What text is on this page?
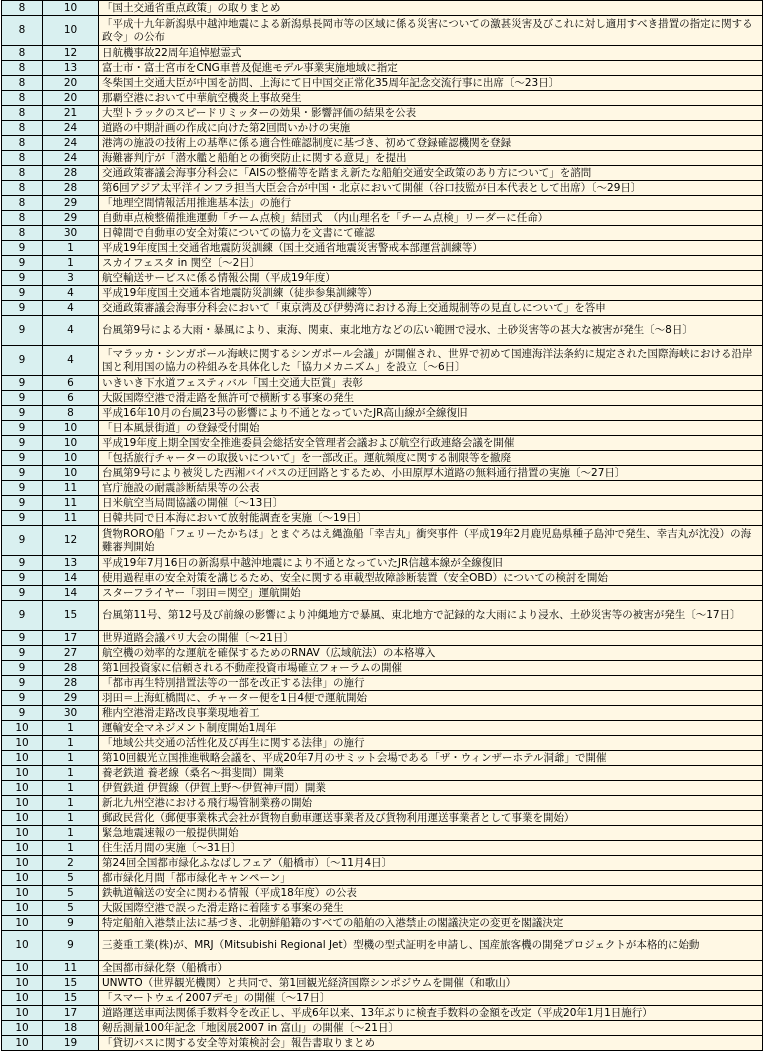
8	10	「国土交通省重点政策」の取りまとめ
8	10	「平成十九年新潟県中越沖地震による新潟県長岡市等の区域に係る災害についての激甚災害及びこれに対し適用すべき措置の指定に関する政令」の公布
8	12	日航機事故22周年追悼慰霊式
8	13	富士市・富士宮市をCNG車普及促進モデル事業実施地域に指定
8	20	冬柴国土交通大臣が中国を訪問、上海にて日中国交正常化35周年記念交流行事に出席〔～23日〕
8	20	那覇空港において中華航空機炎上事故発生
8	21	大型トラックのスピードリミッターの効果・影響評価の結果を公表
8	24	道路の中期計画の作成に向けた第2回問いかけの実施
8	24	港湾の施設の技術上の基準に係る適合性確認制度に基づき、初めて登録確認機関を登録
8	24	海難審判庁が「潜水艦と船舶との衝突防止に関する意見」を提出
8	28	交通政策審議会海事分科会に「AISの整備等を踏まえ新たな船舶交通安全政策のあり方について」を諮問
8	28	第6回アジア太平洋インフラ担当大臣会合が中国・北京において開催（谷口技監が日本代表として出席）〔～29日〕
8	29	「地理空間情報活用推進基本法」の施行
8	29	自動車点検整備推進運動「チーム点検」結団式　（内山理名を「チーム点検」リーダーに任命）
8	30	日韓間で自動車の安全対策についての協力を文書にて確認
9	1	平成19年度国土交通省地震防災訓練（国土交通省地震災害警戒本部運営訓練等）
9	1	スカイフェスタ in 関空〔～2日〕
9	3	航空輸送サービスに係る情報公開（平成19年度）
9	4	平成19年度国土交通本省地震防災訓練（徒歩参集訓練等）
9	4	交通政策審議会海事分科会において「東京湾及び伊勢湾における海上交通規制等の見直しについて」を答申
9	4	台風第9号による大雨・暴風により、東海、関東、東北地方などの広い範囲で浸水、土砂災害等の甚大な被害が発生〔～8日〕
9	4	「マラッカ・シンガポール海峡に関するシンガポール会議」が開催され、世界で初めて国連海洋法条約に規定された国際海峡における沿岸国と利用国の協力の枠組みを具体化した「協力メカニズム」を設立〔～6日〕
9	6	いきいき下水道フェスティバル「国土交通大臣賞」表彰
9	6	大阪国際空港で滑走路を無許可で横断する事案の発生
9	8	平成16年10月の台風23号の影響により不通となっていたJR高山線が全線復旧
9	10	「日本風景街道」の登録受付開始
9	10	平成19年度上期全国安全推進委員会総括安全管理者会議および航空行政連絡会議を開催
9	10	「包括旅行チャーターの取扱いについて」を一部改正。運航頻度に関する制限等を撤廃
9	10	台風第9号により被災した西湘バイパスの迂回路とするため、小田原厚木道路の無料通行措置の実施〔～27日〕
9	11	官庁施設の耐震診断結果等の公表
9	11	日米航空当局間協議の開催〔～13日〕
9	11	日韓共同で日本海において放射能調査を実施〔～19日〕
9	12	貨物RORO船「フェリーたかちほ」とまぐろはえ縄漁船「幸吉丸」衝突事件（平成19年2月鹿児島県種子島沖で発生、幸吉丸が沈没）の海難審判開始
9	13	平成19年7月16日の新潟県中越沖地震により不通となっていたJR信越本線が全線復旧
9	14	使用過程車の安全対策を講じるため、安全に関する車載型故障診断装置（安全OBD）についての検討を開始
9	14	スターフライヤー「羽田＝関空」運航開始
9	15	台風第11号、第12号及び前線の影響により沖縄地方で暴風、東北地方で記録的な大雨により浸水、土砂災害等の被害が発生〔～17日〕
9	17	世界道路会議パリ大会の開催〔～21日〕
9	27	航空機の効率的な運航を確保するためのRNAV（広域航法）の本格導入
9	28	第1回投資家に信頼される不動産投資市場確立フォーラムの開催
9	28	「都市再生特別措置法等の一部を改正する法律」の施行
9	29	羽田＝上海虹橋間に、チャーター便を1日4便で運航開始
9	30	稚内空港滑走路改良事業現地着工
10	1	運輸安全マネジメント制度開始1周年
10	1	「地域公共交通の活性化及び再生に関する法律」の施行
10	1	第10回観光立国推進戦略会議を、平成20年7月のサミット会場である「ザ・ウィンザーホテル洞爺」で開催
10	1	養老鉄道 養老線（桑名～揖斐間）開業
10	1	伊賀鉄道 伊賀線（伊賀上野～伊賀神戸間）開業
10	1	新北九州空港における飛行場管制業務の開始
10	1	郵政民営化（郵便事業株式会社が貨物自動車運送事業者及び貨物利用運送事業者として事業を開始）
10	1	緊急地震速報の一般提供開始
10	1	住生活月間の実施〔～31日〕
10	2	第24回全国都市緑化ふなばしフェア（船橋市）〔～11月4日〕
10	5	都市緑化月間「都市緑化キャンペーン」
10	5	鉄軌道輸送の安全に関わる情報（平成18年度）の公表
10	5	大阪国際空港で誤った滑走路に着陸する事案の発生
10	9	特定船舶入港禁止法に基づき、北朝鮮船籍のすべての船舶の入港禁止の閣議決定の変更を閣議決定
10	9	三菱重工業(株)が、MRJ（Mitsubishi Regional Jet）型機の型式証明を申請し、国産旅客機の開発プロジェクトが本格的に始動
10	11	全国都市緑化祭（船橋市）
10	15	UNWTO（世界観光機関）と共同で、第1回観光経済国際シンポジウムを開催（和歌山）
10	15	「スマートウェイ2007デモ」の開催〔～17日〕
10	17	道路運送車両法関係手数料令を改正し、平成6年以来、13年ぶりに検査手数料の金額を改定（平成20年1月1日施行）
10	18	剱岳測量100年記念「地図展2007 in 富山」の開催〔～21日〕
10	19	「貸切バスに関する安全等対策検討会」報告書取りまとめ
